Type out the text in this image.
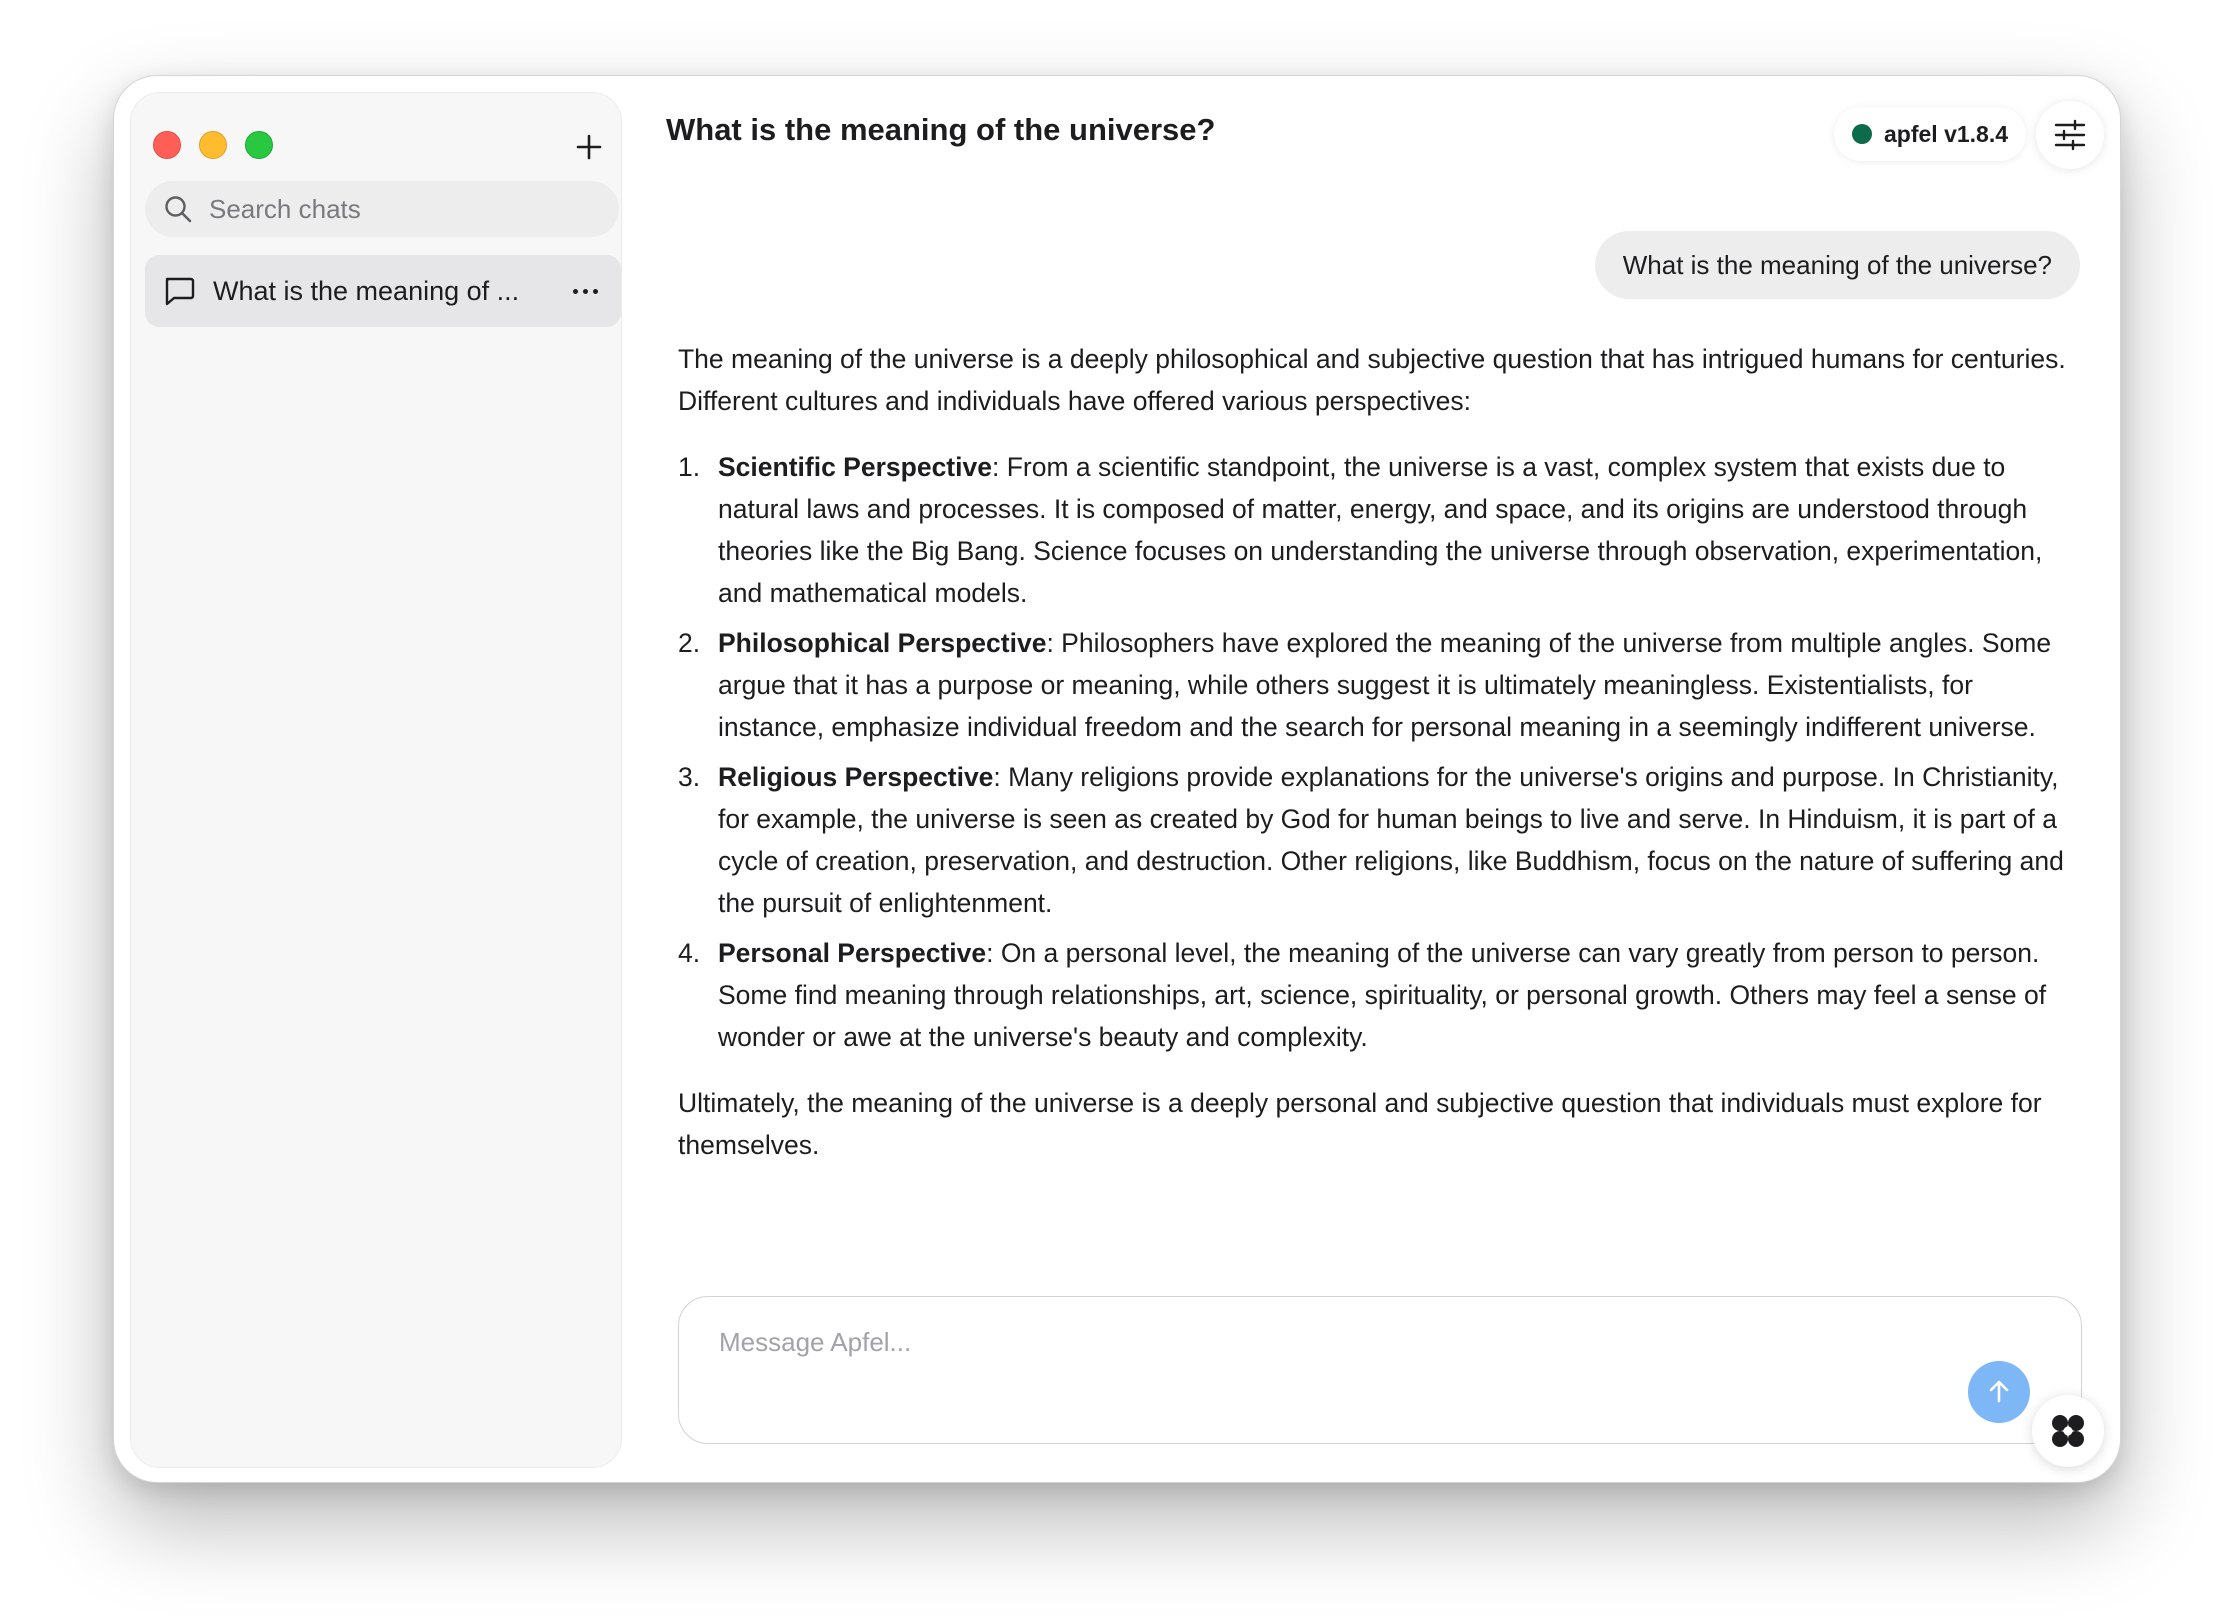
Search chats
What is the meaning of ...
What is the meaning of the universe?	apfel v1.8.4
What is the meaning of the universe?

The meaning of the universe is a deeply philosophical and subjective question that has intrigued humans for centuries. Different cultures and individuals have offered various perspectives:

1. Scientific Perspective: From a scientific standpoint, the universe is a vast, complex system that exists due to natural laws and processes. It is composed of matter, energy, and space, and its origins are understood through theories like the Big Bang. Science focuses on understanding the universe through observation, experimentation, and mathematical models.
2. Philosophical Perspective: Philosophers have explored the meaning of the universe from multiple angles. Some argue that it has a purpose or meaning, while others suggest it is ultimately meaningless. Existentialists, for instance, emphasize individual freedom and the search for personal meaning in a seemingly indifferent universe.
3. Religious Perspective: Many religions provide explanations for the universe's origins and purpose. In Christianity, for example, the universe is seen as created by God for human beings to live and serve. In Hinduism, it is part of a cycle of creation, preservation, and destruction. Other religions, like Buddhism, focus on the nature of suffering and the pursuit of enlightenment.
4. Personal Perspective: On a personal level, the meaning of the universe can vary greatly from person to person. Some find meaning through relationships, art, science, spirituality, or personal growth. Others may feel a sense of wonder or awe at the universe's beauty and complexity.

Ultimately, the meaning of the universe is a deeply personal and subjective question that individuals must explore for themselves.

Message Apfel...
